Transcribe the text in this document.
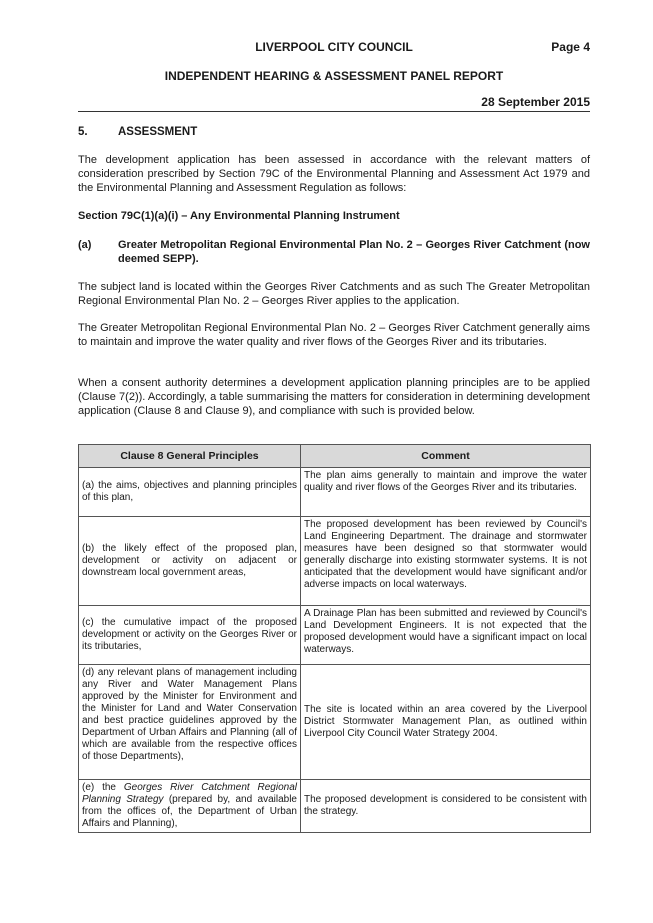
LIVERPOOL CITY COUNCIL	Page 4
INDEPENDENT HEARING & ASSESSMENT PANEL REPORT
28 September 2015
5.	ASSESSMENT
The development application has been assessed in accordance with the relevant matters of consideration prescribed by Section 79C of the Environmental Planning and Assessment Act 1979 and the Environmental Planning and Assessment Regulation as follows:
Section 79C(1)(a)(i) – Any Environmental Planning Instrument
(a) Greater Metropolitan Regional Environmental Plan No. 2 – Georges River Catchment (now deemed SEPP).
The subject land is located within the Georges River Catchments and as such The Greater Metropolitan Regional Environmental Plan No. 2 – Georges River applies to the application.
The Greater Metropolitan Regional Environmental Plan No. 2 – Georges River Catchment generally aims to maintain and improve the water quality and river flows of the Georges River and its tributaries.
When a consent authority determines a development application planning principles are to be applied (Clause 7(2)). Accordingly, a table summarising the matters for consideration in determining development application (Clause 8 and Clause 9), and compliance with such is provided below.
Clause 8 General Principles	Comment
(a) the aims, objectives and planning principles of this plan,	The plan aims generally to maintain and improve the water quality and river flows of the Georges River and its tributaries.
(b) the likely effect of the proposed plan, development or activity on adjacent or downstream local government areas,	The proposed development has been reviewed by Council's Land Engineering Department. The drainage and stormwater measures have been designed so that stormwater would generally discharge into existing stormwater systems. It is not anticipated that the development would have significant and/or adverse impacts on local waterways.
(c) the cumulative impact of the proposed development or activity on the Georges River or its tributaries,	A Drainage Plan has been submitted and reviewed by Council's Land Development Engineers. It is not expected that the proposed development would have a significant impact on local waterways.
(d) any relevant plans of management including any River and Water Management Plans approved by the Minister for Environment and the Minister for Land and Water Conservation and best practice guidelines approved by the Department of Urban Affairs and Planning (all of which are available from the respective offices of those Departments),	The site is located within an area covered by the Liverpool District Stormwater Management Plan, as outlined within Liverpool City Council Water Strategy 2004.
(e) the Georges River Catchment Regional Planning Strategy (prepared by, and available from the offices of, the Department of Urban Affairs and Planning),	The proposed development is considered to be consistent with the strategy.
